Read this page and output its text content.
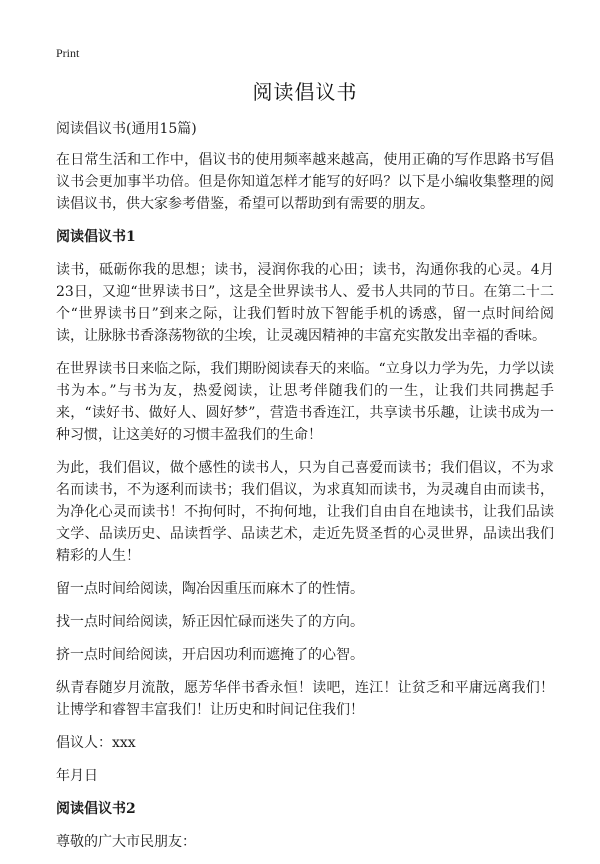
Print
阅读倡议书

阅读倡议书(通用15篇)

在日常生活和工作中，倡议书的使用频率越来越高，使用正确的写作思路书写倡议书会更加事半功倍。但是你知道怎样才能写的好吗？以下是小编收集整理的阅读倡议书，供大家参考借鉴，希望可以帮助到有需要的朋友。

阅读倡议书1

读书，砥砺你我的思想；读书，浸润你我的心田；读书，沟通你我的心灵。4月23日，又迎“世界读书日”，这是全世界读书人、爱书人共同的节日。在第二十二个“世界读书日”到来之际，让我们暂时放下智能手机的诱惑，留一点时间给阅读，让脉脉书香涤荡物欲的尘埃，让灵魂因精神的丰富充实散发出幸福的香味。

在世界读书日来临之际，我们期盼阅读春天的来临。“立身以力学为先，力学以读书为本。”与书为友，热爱阅读，让思考伴随我们的一生，让我们共同携起手来，“读好书、做好人、圆好梦”，营造书香连江，共享读书乐趣，让读书成为一种习惯，让这美好的习惯丰盈我们的生命！

为此，我们倡议，做个感性的读书人，只为自己喜爱而读书；我们倡议，不为求名而读书，不为逐利而读书；我们倡议，为求真知而读书，为灵魂自由而读书，为净化心灵而读书！不拘何时，不拘何地，让我们自由自在地读书，让我们品读文学、品读历史、品读哲学、品读艺术，走近先贤圣哲的心灵世界，品读出我们精彩的人生！

留一点时间给阅读，陶冶因重压而麻木了的性情。

找一点时间给阅读，矫正因忙碌而迷失了的方向。

挤一点时间给阅读，开启因功利而遮掩了的心智。

纵青春随岁月流散，愿芳华伴书香永恒！读吧，连江！让贫乏和平庸远离我们！让博学和睿智丰富我们！让历史和时间记住我们！

倡议人：xxx

年月日

阅读倡议书2

尊敬的广大市民朋友：
